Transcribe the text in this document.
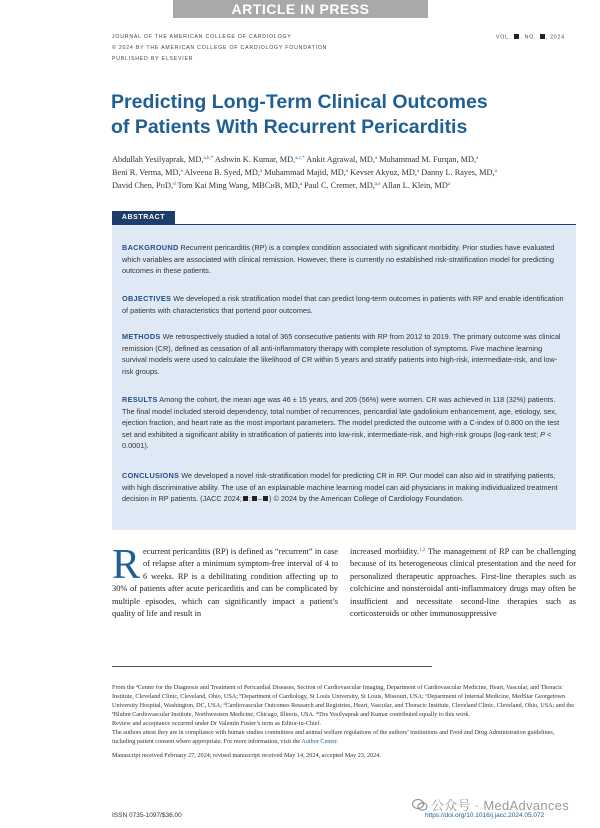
ARTICLE IN PRESS
JOURNAL OF THE AMERICAN COLLEGE OF CARDIOLOGY
© 2024 BY THE AMERICAN COLLEGE OF CARDIOLOGY FOUNDATION
PUBLISHED BY ELSEVIER
VOL. . NO. , 2024
Predicting Long-Term Clinical Outcomes
of Patients With Recurrent Pericarditis
Abdullah Yesilyaprak, MD,$^{a,b,*}$ Ashwin K. Kumar, MD,$^{a,c,*}$ Ankit Agrawal, MD,$^a$ Muhammad M. Furqan, MD,$^a$
Beni R. Verma, MD,$^a$ Alveena B. Syed, MD,$^a$ Muhammad Majid, MD,$^a$ Kevser Akyuz, MD,$^a$ Danny L. Rayes, MD,$^a$
David Chen, PhD,$^d$ Tom Kai Ming Wang, MBChB, MD,$^a$ Paul C. Cremer, MD,$^{a,e}$ Allan L. Klein, $MD^a$
ABSTRACT

BACKGROUND Recurrent pericarditis (RP) is a complex condition associated with significant morbidity. Prior studies have evaluated which variables are associated with clinical remission. However, there is currently no established risk-stratification model for predicting outcomes in these patients.

OBJECTIVES We developed a risk stratification model that can predict long-term outcomes in patients with RP and enable identification of patients with characteristics that portend poor outcomes.

METHODS We retrospectively studied a total of 365 consecutive patients with RP from 2012 to 2019. The primary outcome was clinical remission (CR), defined as cessation of all anti-inflammatory therapy with complete resolution of symptoms. Five machine learning survival models were used to calculate the likelihood of CR within 5 years and stratify patients into high-risk, intermediate-risk, and low-risk groups.

RESULTS Among the cohort, the mean age was 46 ± 15 years, and 205 (56%) were women. CR was achieved in 118 (32%) patients. The final model included steroid dependency, total number of recurrences, pericardial late gadolinium enhancement, age, etiology, sex, ejection fraction, and heart rate as the most important parameters. The model predicted the outcome with a C-index of 0.800 on the test set and exhibited a significant ability in stratification of patients into low-risk, intermediate-risk, and high-risk groups (log-rank test; P < 0.0001).

CONCLUSIONS We developed a novel risk-stratification model for predicting CR in RP. Our model can also aid in stratifying patients, with high discriminative ability. The use of an explainable machine learning model can aid physicians in making individualized treatment decision in RP patients. (JACC 2024; : – ) © 2024 by the American College of Cardiology Foundation.

Recurrent pericarditis (RP) is defined as “recurrent” in case of relapse after a minimum symptom-free interval of 4 to 6 weeks. RP is a debilitating condition affecting up to 30% of patients after acute pericarditis and can be complicated by multiple episodes, which can significantly impact a patient’s quality of life and result in
increased morbidity.$^{1,2}$ The management of RP can be challenging because of its heterogeneous clinical presentation and the need for personalized therapeutic approaches. First-line therapies such as colchicine and nonsteroidal anti-inflammatory drugs may often be insufficient and necessitate second-line therapies such as corticosteroids or other immunosuppressive

From the $^a$Center for the Diagnosis and Treatment of Pericardial Diseases, Section of Cardiovascular Imaging, Department of Cardiovascular Medicine, Heart, Vascular, and Thoracic Institute, Cleveland Clinic, Cleveland, Ohio, USA; $^b$Department of Cardiology, St Louis University, St Louis, Missouri, USA; $^c$Department of Internal Medicine, MedStar Georgetown University Hospital, Washington, DC, USA; $^d$Cardiovascular Outcomes Research and Registries, Heart, Vascular, and Thoracic Institute, Cleveland Clinic, Cleveland, Ohio, USA; and the $^e$Bluhm Cardiovascular Institute, Northwestern Medicine, Chicago, Illinois, USA. *Drs Yesilyaprak and Kumar contributed equally to this work.

Review and acceptance occurred under Dr Valentin Fuster’s term as Editor-in-Chief.

The authors attest they are in compliance with human studies committees and animal welfare regulations of the authors’ institutions and Food and Drug Administration guidelines, including patient consent where appropriate. For more information, visit the Author Center.

Manuscript received February 27, 2024; revised manuscript received May 14, 2024, accepted May 23, 2024.

ISSN 0735-1097/$36.00	https://doi.org/10.1016/j.jacc.2024.05.072
公众号 · MedAdvances
